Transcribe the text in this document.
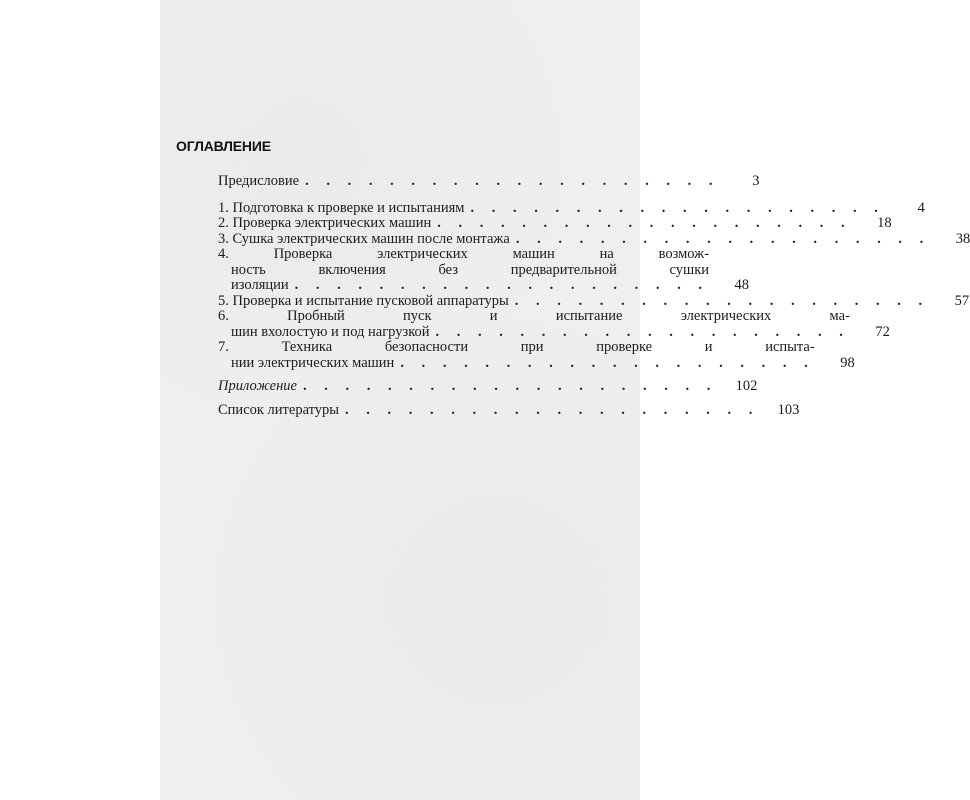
ОГЛАВЛЕНИЕ
Предисловие . . . . . . . . . . . . . . . . . . . .	3
1. Подготовка к проверке и испытаниям . . . . . . . . . . . . . . . . . . . .	4
2. Проверка электрических машин . . . . . . . . . . . . . . . . . . . .	18
3. Сушка электрических машин после монтажа . . . . . . . . . . . . . . . . . . . .	38
4. Проверка электрических машин на возмож-
ность включения без предварительной сушки
изоляции . . . . . . . . . . . . . . . . . . . .	48
5. Проверка и испытание пусковой аппаратуры . . . . . . . . . . . . . . . . . . . .	57
6. Пробный пуск и испытание электрических ма-
шин вхолостую и под нагрузкой . . . . . . . . . . . . . . . . . . . .	72
7. Техника безопасности при проверке и испыта-
нии электрических машин . . . . . . . . . . . . . . . . . . . .	98
Приложение . . . . . . . . . . . . . . . . . . . .	102
Список литературы . . . . . . . . . . . . . . . . . . . .	103
